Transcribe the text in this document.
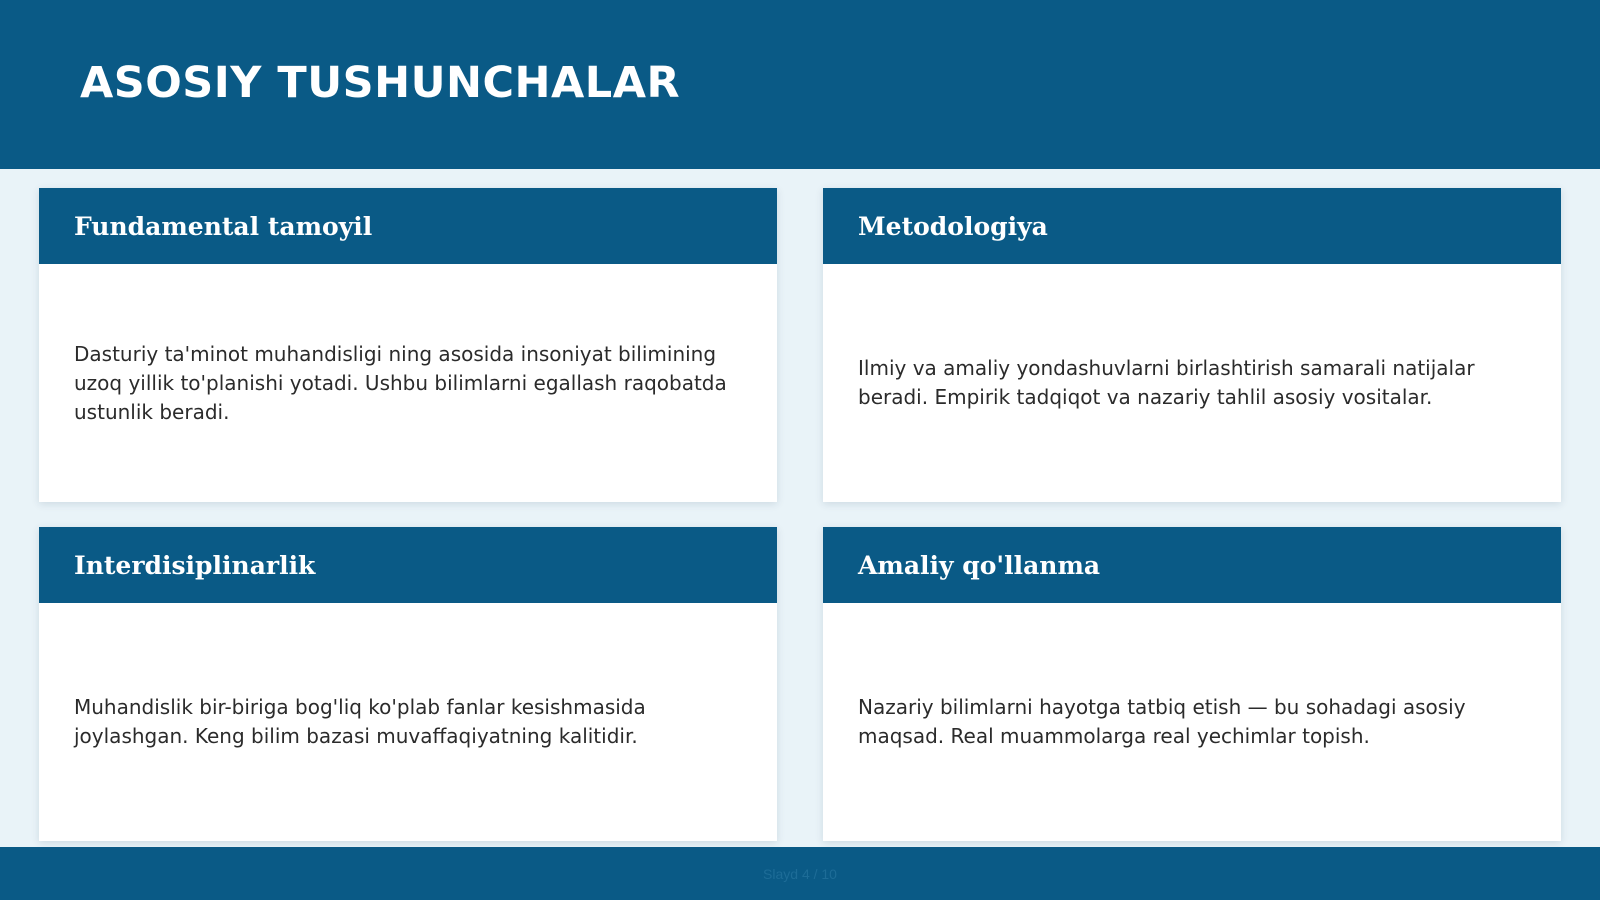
ASOSIY TUSHUNCHALAR
Fundamental tamoyil
Dasturiy ta'minot muhandisligi ning asosida insoniyat bilimining uzoq yillik to'planishi yotadi. Ushbu bilimlarni egallash raqobatda ustunlik beradi.
Metodologiya
Ilmiy va amaliy yondashuvlarni birlashtirish samarali natijalar beradi. Empirik tadqiqot va nazariy tahlil asosiy vositalar.
Interdisiplinarlik
Muhandislik bir-biriga bog'liq ko'plab fanlar kesishmasida joylashgan. Keng bilim bazasi muvaffaqiyatning kalitidir.
Amaliy qo'llanma
Nazariy bilimlarni hayotga tatbiq etish — bu sohadagi asosiy maqsad. Real muammolarga real yechimlar topish.
Slayd 4 / 10
